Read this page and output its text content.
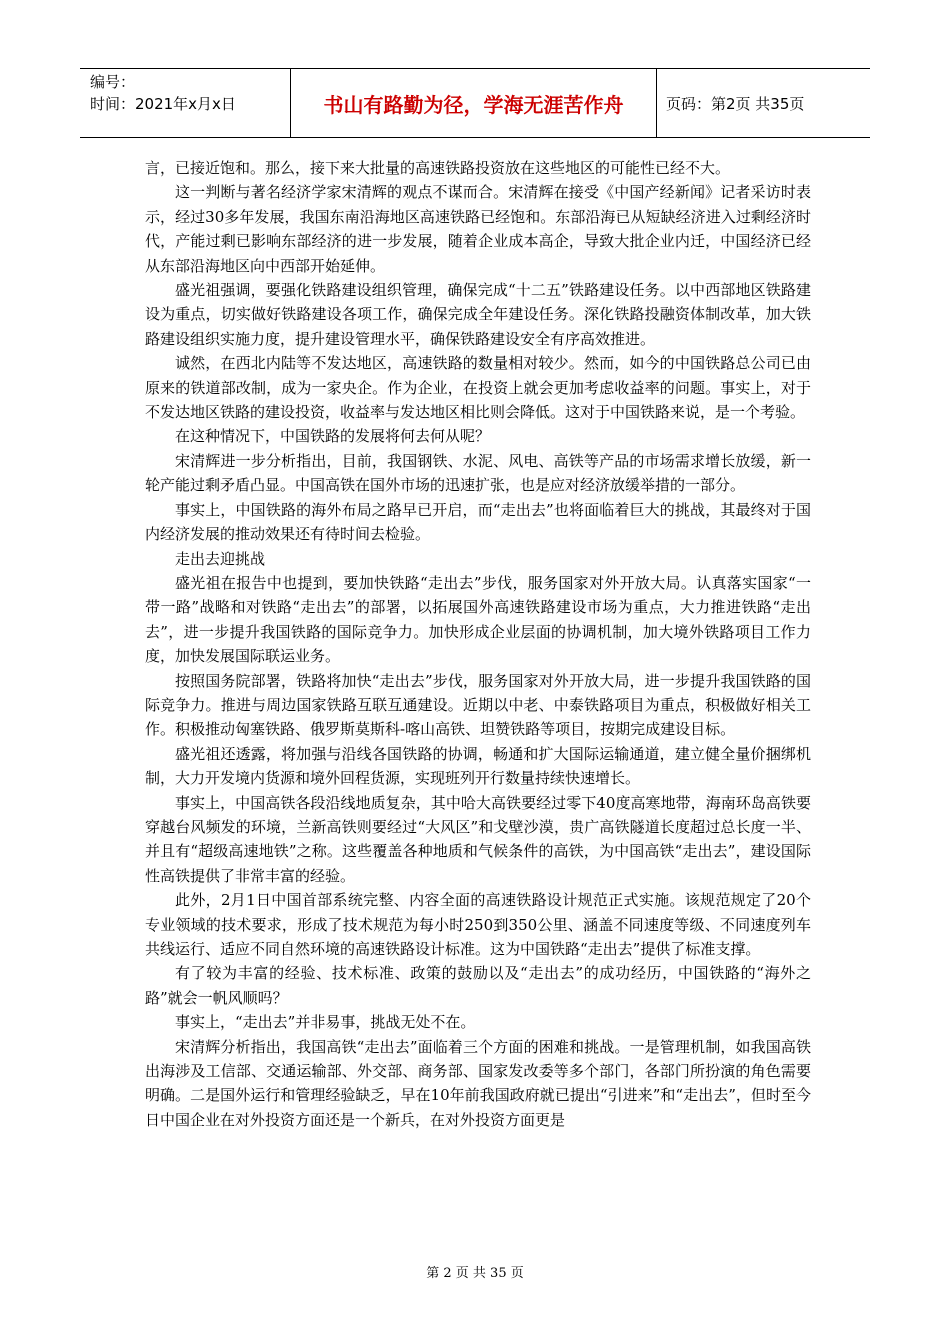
编号：
时间：2021年x月x日	书山有路勤为径，学海无涯苦作舟	页码：第2页 共35页

言，已接近饱和。那么，接下来大批量的高速铁路投资放在这些地区的可能性已经不大。

这一判断与著名经济学家宋清辉的观点不谋而合。宋清辉在接受《中国产经新闻》记者采访时表示，经过30多年发展，我国东南沿海地区高速铁路已经饱和。东部沿海已从短缺经济进入过剩经济时代，产能过剩已影响东部经济的进一步发展，随着企业成本高企，导致大批企业内迁，中国经济已经从东部沿海地区向中西部开始延伸。

盛光祖强调，要强化铁路建设组织管理，确保完成“十二五”铁路建设任务。以中西部地区铁路建设为重点，切实做好铁路建设各项工作，确保完成全年建设任务。深化铁路投融资体制改革，加大铁路建设组织实施力度，提升建设管理水平，确保铁路建设安全有序高效推进。

诚然，在西北内陆等不发达地区，高速铁路的数量相对较少。然而，如今的中国铁路总公司已由原来的铁道部改制，成为一家央企。作为企业，在投资上就会更加考虑收益率的问题。事实上，对于不发达地区铁路的建设投资，收益率与发达地区相比则会降低。这对于中国铁路来说，是一个考验。

在这种情况下，中国铁路的发展将何去何从呢？

宋清辉进一步分析指出，目前，我国钢铁、水泥、风电、高铁等产品的市场需求增长放缓，新一轮产能过剩矛盾凸显。中国高铁在国外市场的迅速扩张，也是应对经济放缓举措的一部分。

事实上，中国铁路的海外布局之路早已开启，而“走出去”也将面临着巨大的挑战，其最终对于国内经济发展的推动效果还有待时间去检验。

走出去迎挑战

盛光祖在报告中也提到，要加快铁路“走出去”步伐，服务国家对外开放大局。认真落实国家“一带一路”战略和对铁路“走出去”的部署，以拓展国外高速铁路建设市场为重点，大力推进铁路“走出去”，进一步提升我国铁路的国际竞争力。加快形成企业层面的协调机制，加大境外铁路项目工作力度，加快发展国际联运业务。

按照国务院部署，铁路将加快“走出去”步伐，服务国家对外开放大局，进一步提升我国铁路的国际竞争力。推进与周边国家铁路互联互通建设。近期以中老、中泰铁路项目为重点，积极做好相关工作。积极推动匈塞铁路、俄罗斯莫斯科-喀山高铁、坦赞铁路等项目，按期完成建设目标。

盛光祖还透露，将加强与沿线各国铁路的协调，畅通和扩大国际运输通道，建立健全量价捆绑机制，大力开发境内货源和境外回程货源，实现班列开行数量持续快速增长。

事实上，中国高铁各段沿线地质复杂，其中哈大高铁要经过零下40度高寒地带，海南环岛高铁要穿越台风频发的环境，兰新高铁则要经过“大风区”和戈壁沙漠，贵广高铁隧道长度超过总长度一半、并且有“超级高速地铁”之称。这些覆盖各种地质和气候条件的高铁，为中国高铁“走出去”，建设国际性高铁提供了非常丰富的经验。

此外，2月1日中国首部系统完整、内容全面的高速铁路设计规范正式实施。该规范规定了20个专业领域的技术要求，形成了技术规范为每小时250到350公里、涵盖不同速度等级、不同速度列车共线运行、适应不同自然环境的高速铁路设计标准。这为中国铁路“走出去”提供了标准支撑。

有了较为丰富的经验、技术标准、政策的鼓励以及“走出去”的成功经历，中国铁路的“海外之路”就会一帆风顺吗？

事实上，“走出去”并非易事，挑战无处不在。

宋清辉分析指出，我国高铁“走出去”面临着三个方面的困难和挑战。一是管理机制，如我国高铁出海涉及工信部、交通运输部、外交部、商务部、国家发改委等多个部门，各部门所扮演的角色需要明确。二是国外运行和管理经验缺乏，早在10年前我国政府就已提出“引进来”和“走出去”，但时至今日中国企业在对外投资方面还是一个新兵，在对外投资方面更是

第 2 页 共 35 页
